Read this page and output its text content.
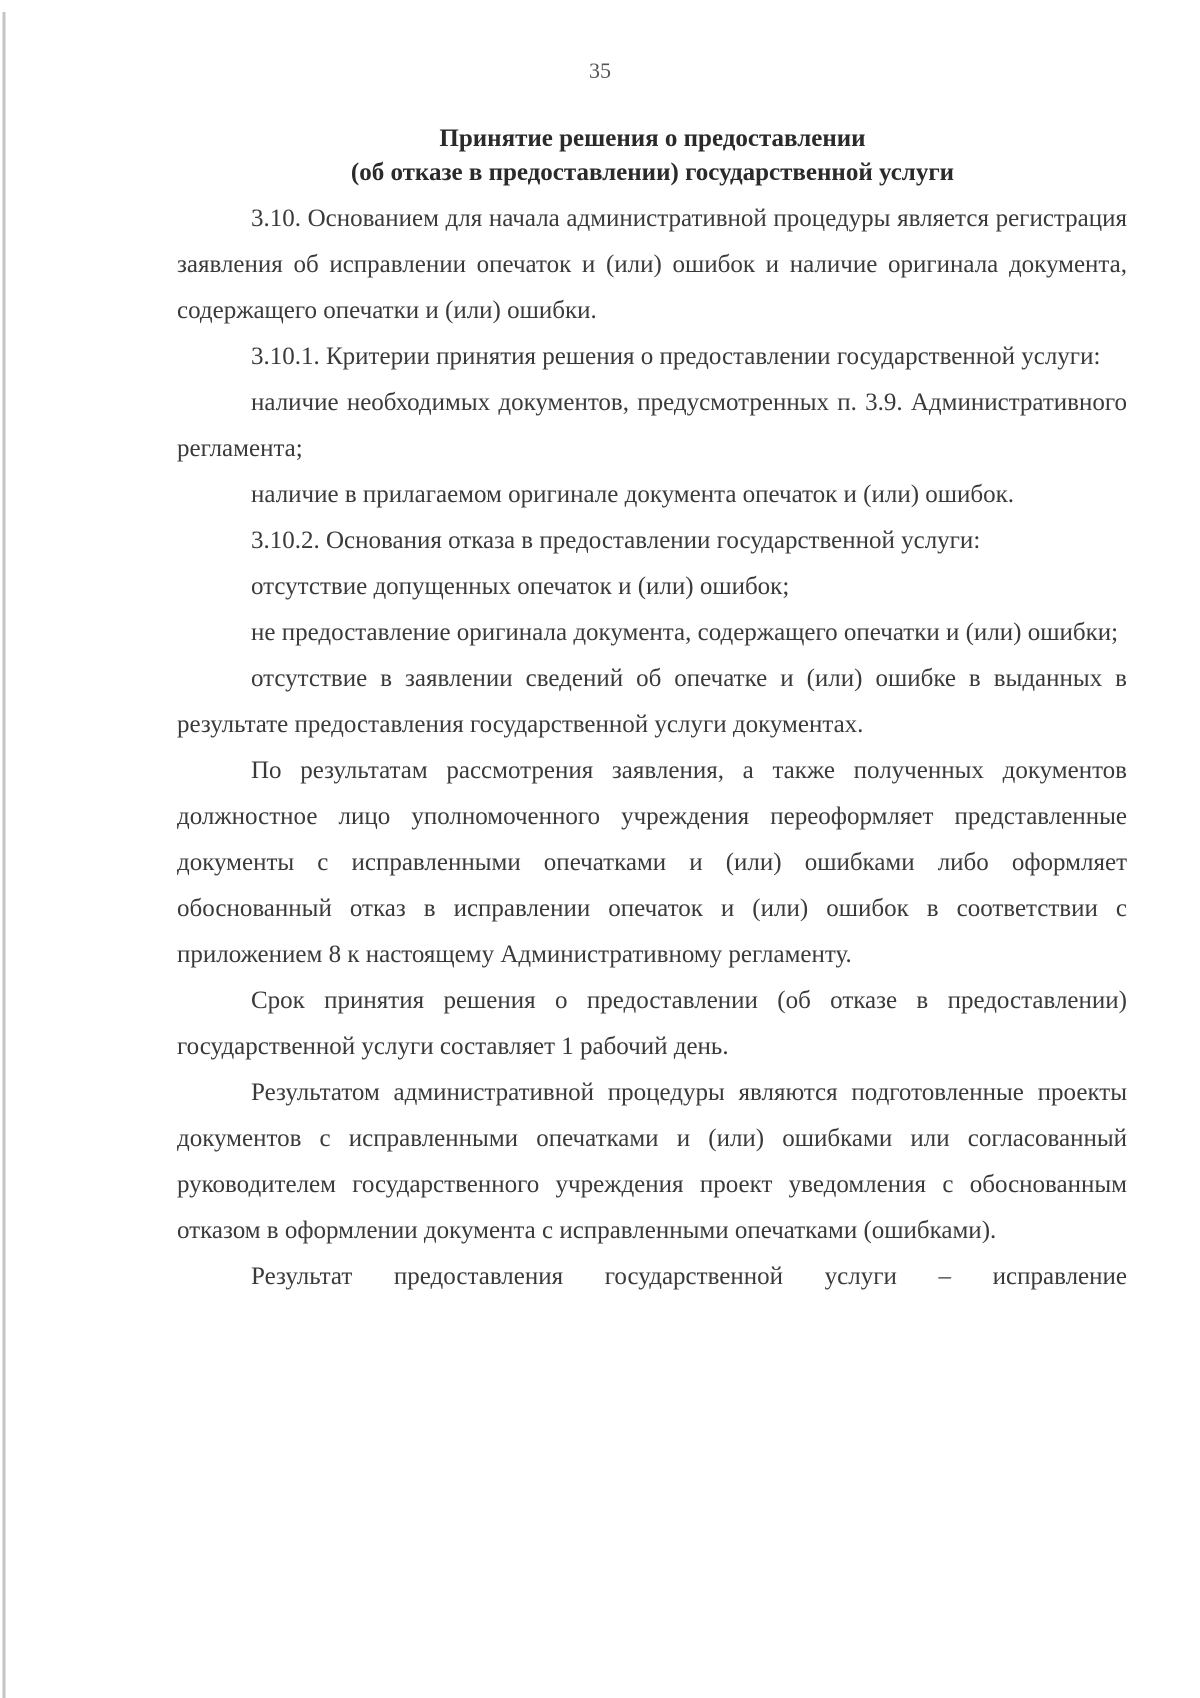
35
Принятие решения о предоставлении
(об отказе в предоставлении) государственной услуги

3.10. Основанием для начала административной процедуры является регистрация заявления об исправлении опечаток и (или) ошибок и наличие оригинала документа, содержащего опечатки и (или) ошибки.

3.10.1. Критерии принятия решения о предоставлении государственной услуги:

наличие необходимых документов, предусмотренных п. 3.9. Административного регламента;

наличие в прилагаемом оригинале документа опечаток и (или) ошибок.

3.10.2. Основания отказа в предоставлении государственной услуги:

отсутствие допущенных опечаток и (или) ошибок;

не предоставление оригинала документа, содержащего опечатки и (или) ошибки;

отсутствие в заявлении сведений об опечатке и (или) ошибке в выданных в результате предоставления государственной услуги документах.

По результатам рассмотрения заявления, а также полученных документов должностное лицо уполномоченного учреждения переоформляет представленные документы с исправленными опечатками и (или) ошибками либо оформляет обоснованный отказ в исправлении опечаток и (или) ошибок в соответствии с приложением 8 к настоящему Административному регламенту.

Срок принятия решения о предоставлении (об отказе в предоставлении) государственной услуги составляет 1 рабочий день.

Результатом административной процедуры являются подготовленные проекты документов с исправленными опечатками и (или) ошибками или согласованный руководителем государственного учреждения проект уведомления с обоснованным отказом в оформлении документа с исправленными опечатками (ошибками).

Результат предоставления государственной услуги – исправление
